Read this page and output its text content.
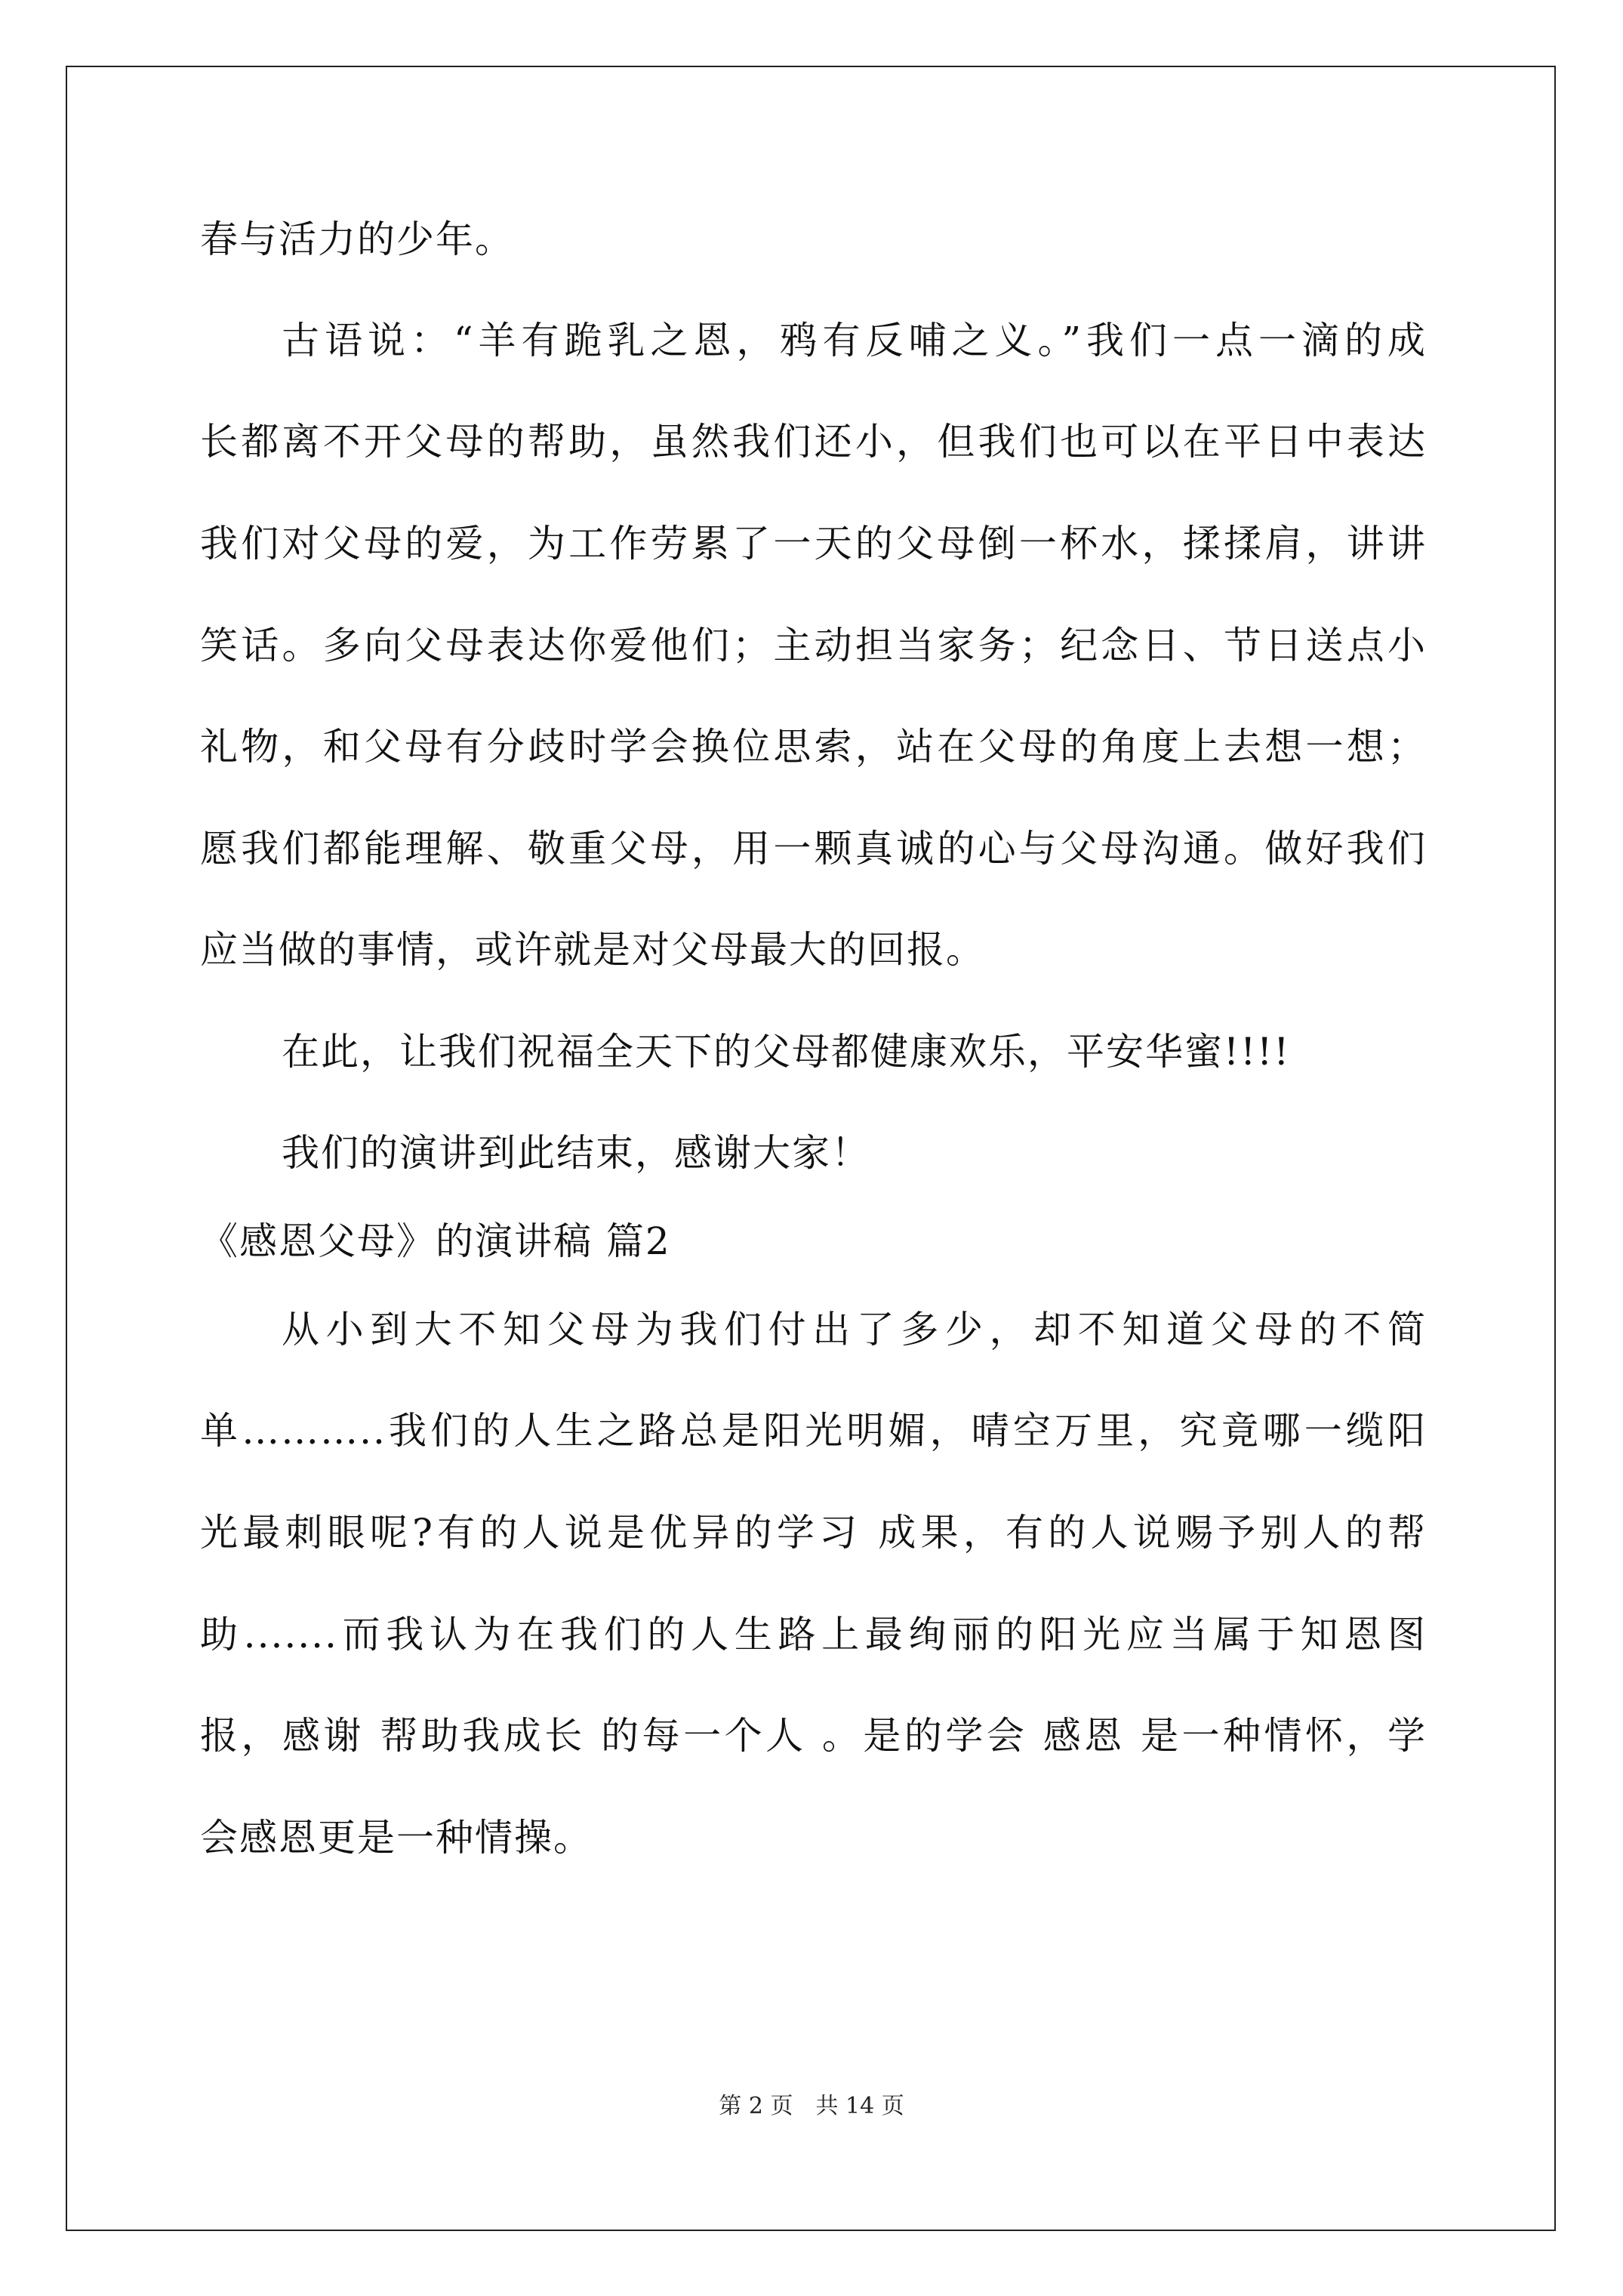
春与活力的少年。
古语说：“羊有跪乳之恩，鸦有反哺之义。”我们一点一滴的成
长都离不开父母的帮助，虽然我们还小，但我们也可以在平日中表达
我们对父母的爱，为工作劳累了一天的父母倒一杯水，揉揉肩，讲讲
笑话。多向父母表达你爱他们；主动担当家务；纪念日、节日送点小
礼物，和父母有分歧时学会换位思索，站在父母的角度上去想一想；
愿我们都能理解、敬重父母，用一颗真诚的心与父母沟通。做好我们
应当做的事情，或许就是对父母最大的回报。
在此，让我们祝福全天下的父母都健康欢乐，平安华蜜!!!!
我们的演讲到此结束，感谢大家！
《感恩父母》的演讲稿 篇2
从小到大不知父母为我们付出了多少，却不知道父母的不简
单………..我们的人生之路总是阳光明媚，晴空万里，究竟哪一缆阳
光最刺眼呢?有的人说是优异的学习 成果，有的人说赐予别人的帮
助.......而我认为在我们的人生路上最绚丽的阳光应当属于知恩图
报，感谢 帮助我成长 的每一个人 。是的学会 感恩 是一种情怀，学
会感恩更是一种情操。
第 2 页　共 14 页
